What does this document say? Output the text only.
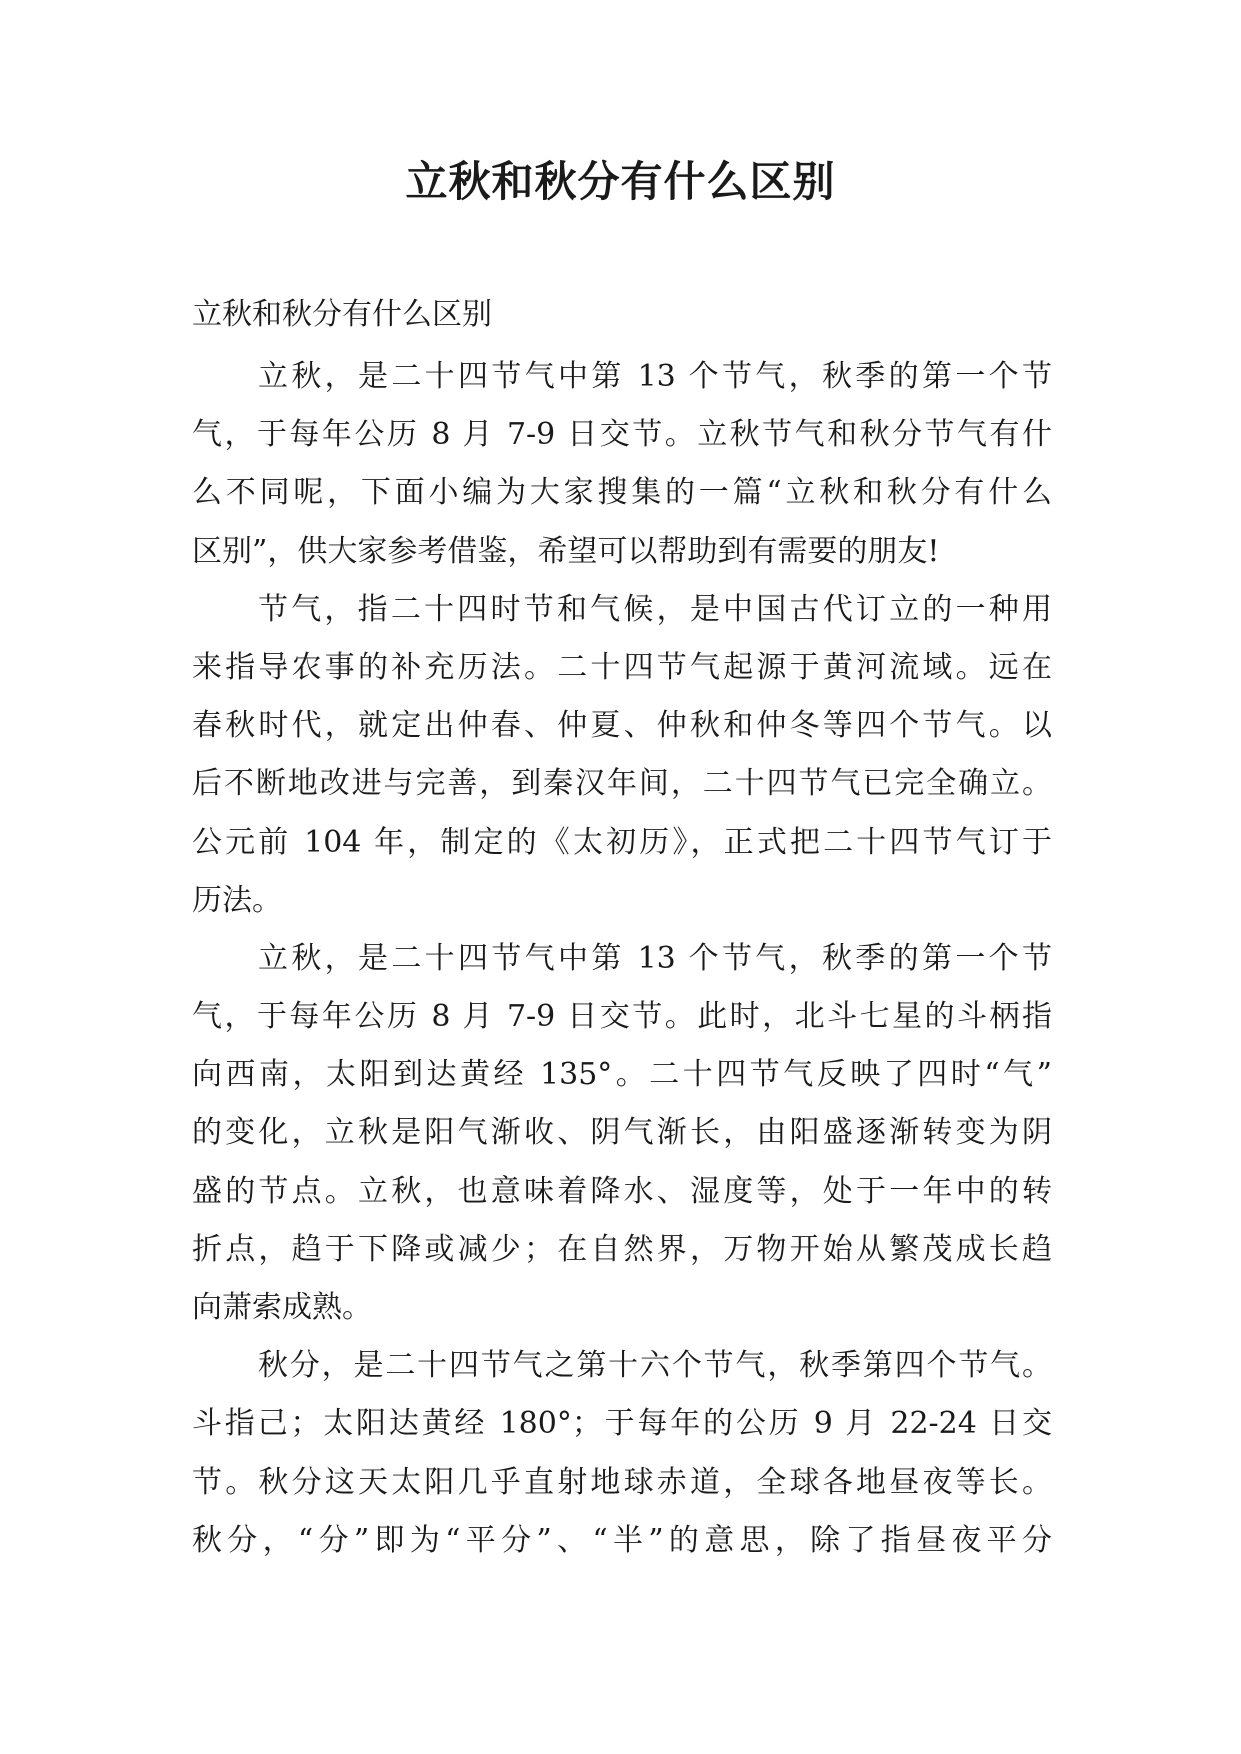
立秋和秋分有什么区别

立秋和秋分有什么区别

立秋，是二十四节气中第 13 个节气，秋季的第一个节
气，于每年公历 8 月 7-9 日交节。立秋节气和秋分节气有什
么不同呢，下面小编为大家搜集的一篇“立秋和秋分有什么
区别”，供大家参考借鉴，希望可以帮助到有需要的朋友!
节气，指二十四时节和气候，是中国古代订立的一种用
来指导农事的补充历法。二十四节气起源于黄河流域。远在
春秋时代，就定出仲春、仲夏、仲秋和仲冬等四个节气。以
后不断地改进与完善，到秦汉年间，二十四节气已完全确立。
公元前 104 年，制定的《太初历》，正式把二十四节气订于
历法。
立秋，是二十四节气中第 13 个节气，秋季的第一个节
气，于每年公历 8 月 7-9 日交节。此时，北斗七星的斗柄指
向西南，太阳到达黄经 135°。二十四节气反映了四时“气”
的变化，立秋是阳气渐收、阴气渐长，由阳盛逐渐转变为阴
盛的节点。立秋，也意味着降水、湿度等，处于一年中的转
折点，趋于下降或减少；在自然界，万物开始从繁茂成长趋
向萧索成熟。
秋分，是二十四节气之第十六个节气，秋季第四个节气。
斗指己；太阳达黄经 180°；于每年的公历 9 月 22-24 日交
节。秋分这天太阳几乎直射地球赤道，全球各地昼夜等长。
秋分，“分”即为“平分”、“半”的意思，除了指昼夜平分
